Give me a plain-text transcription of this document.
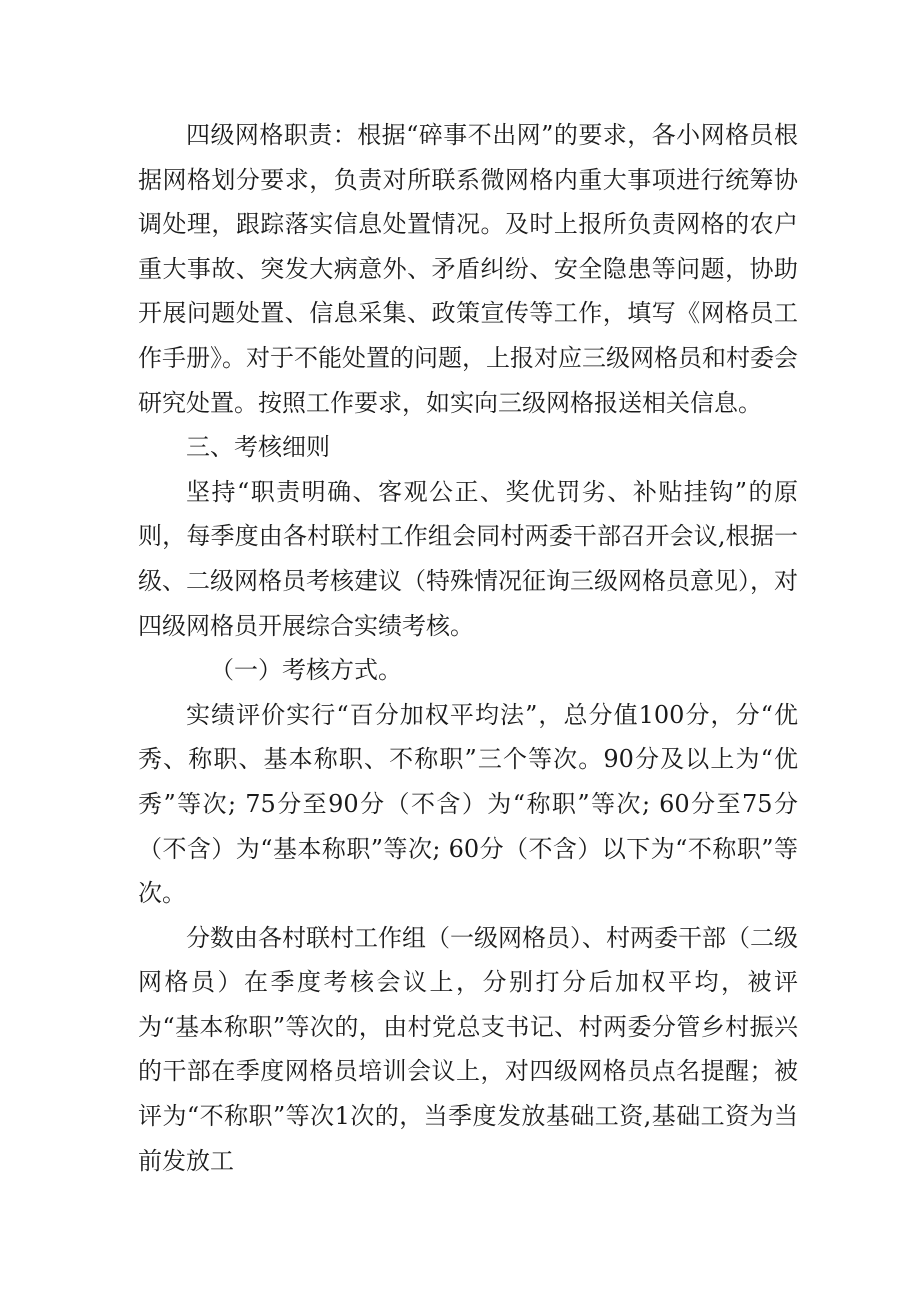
四级网格职责：根据“碎事不出网”的要求，各小网格员根据网格划分要求，负责对所联系微网格内重大事项进行统筹协调处理，跟踪落实信息处置情况。及时上报所负责网格的农户重大事故、突发大病意外、矛盾纠纷、安全隐患等问题，协助开展问题处置、信息采集、政策宣传等工作，填写《网格员工作手册》。对于不能处置的问题，上报对应三级网格员和村委会研究处置。按照工作要求，如实向三级网格报送相关信息。

三、考核细则

坚持“职责明确、客观公正、奖优罚劣、补贴挂钩”的原则，每季度由各村联村工作组会同村两委干部召开会议,根据一级、二级网格员考核建议（特殊情况征询三级网格员意见），对四级网格员开展综合实绩考核。

（一）考核方式。

实绩评价实行“百分加权平均法”，总分值100分，分“优秀、称职、基本称职、不称职”三个等次。90分及以上为“优秀”等次; 75分至90分（不含）为“称职”等次; 60分至75分（不含）为“基本称职”等次; 60分（不含）以下为“不称职”等次。

分数由各村联村工作组（一级网格员）、村两委干部（二级网格员）在季度考核会议上，分别打分后加权平均，被评为“基本称职”等次的，由村党总支书记、村两委分管乡村振兴的干部在季度网格员培训会议上，对四级网格员点名提醒；被评为“不称职”等次1次的，当季度发放基础工资,基础工资为当前发放工
